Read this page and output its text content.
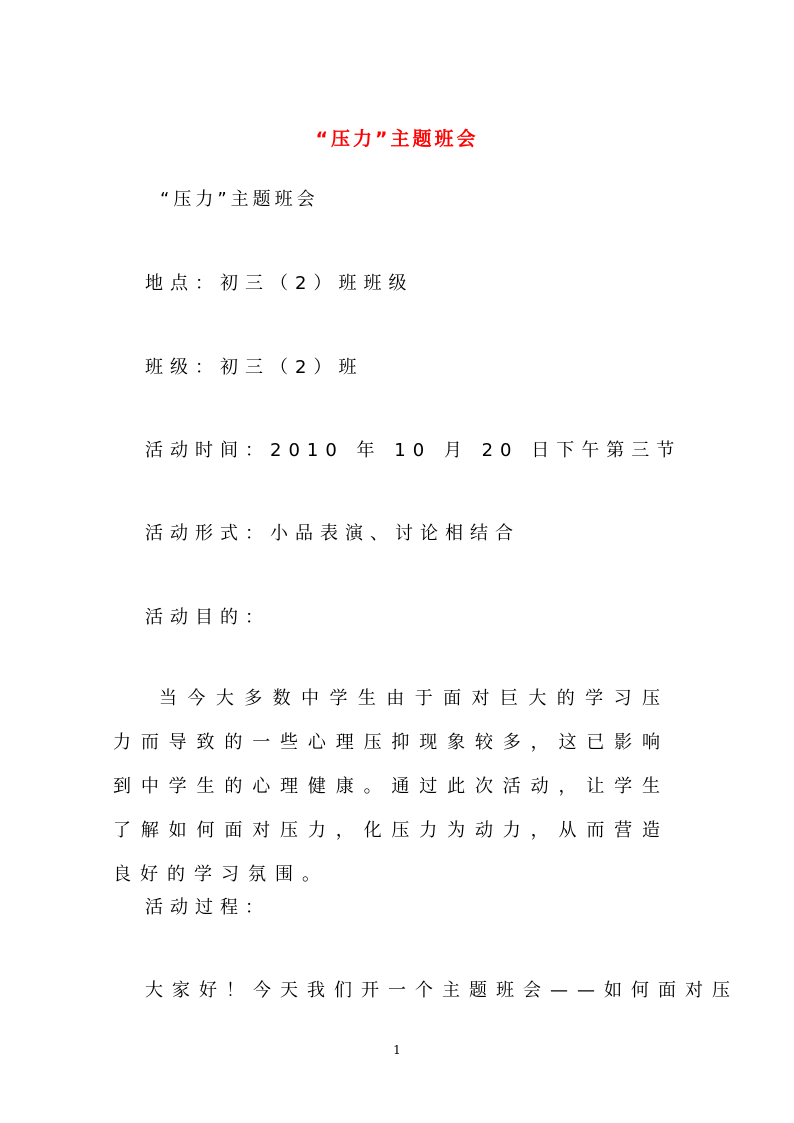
“压力”主题班会
“压力”主题班会
地点：初三（2）班班级
班级：初三（2）班
活动时间：2010 年 10 月 20 日下午第三节
活动形式：小品表演、讨论相结合
活动目的：
当今大多数中学生由于面对巨大的学习压力而导致的一些心理压抑现象较多，这已影响到中学生的心理健康。通过此次活动，让学生了解如何面对压力，化压力为动力，从而营造良好的学习氛围。
活动过程：
大家好！今天我们开一个主题班会——如何面对压
1
